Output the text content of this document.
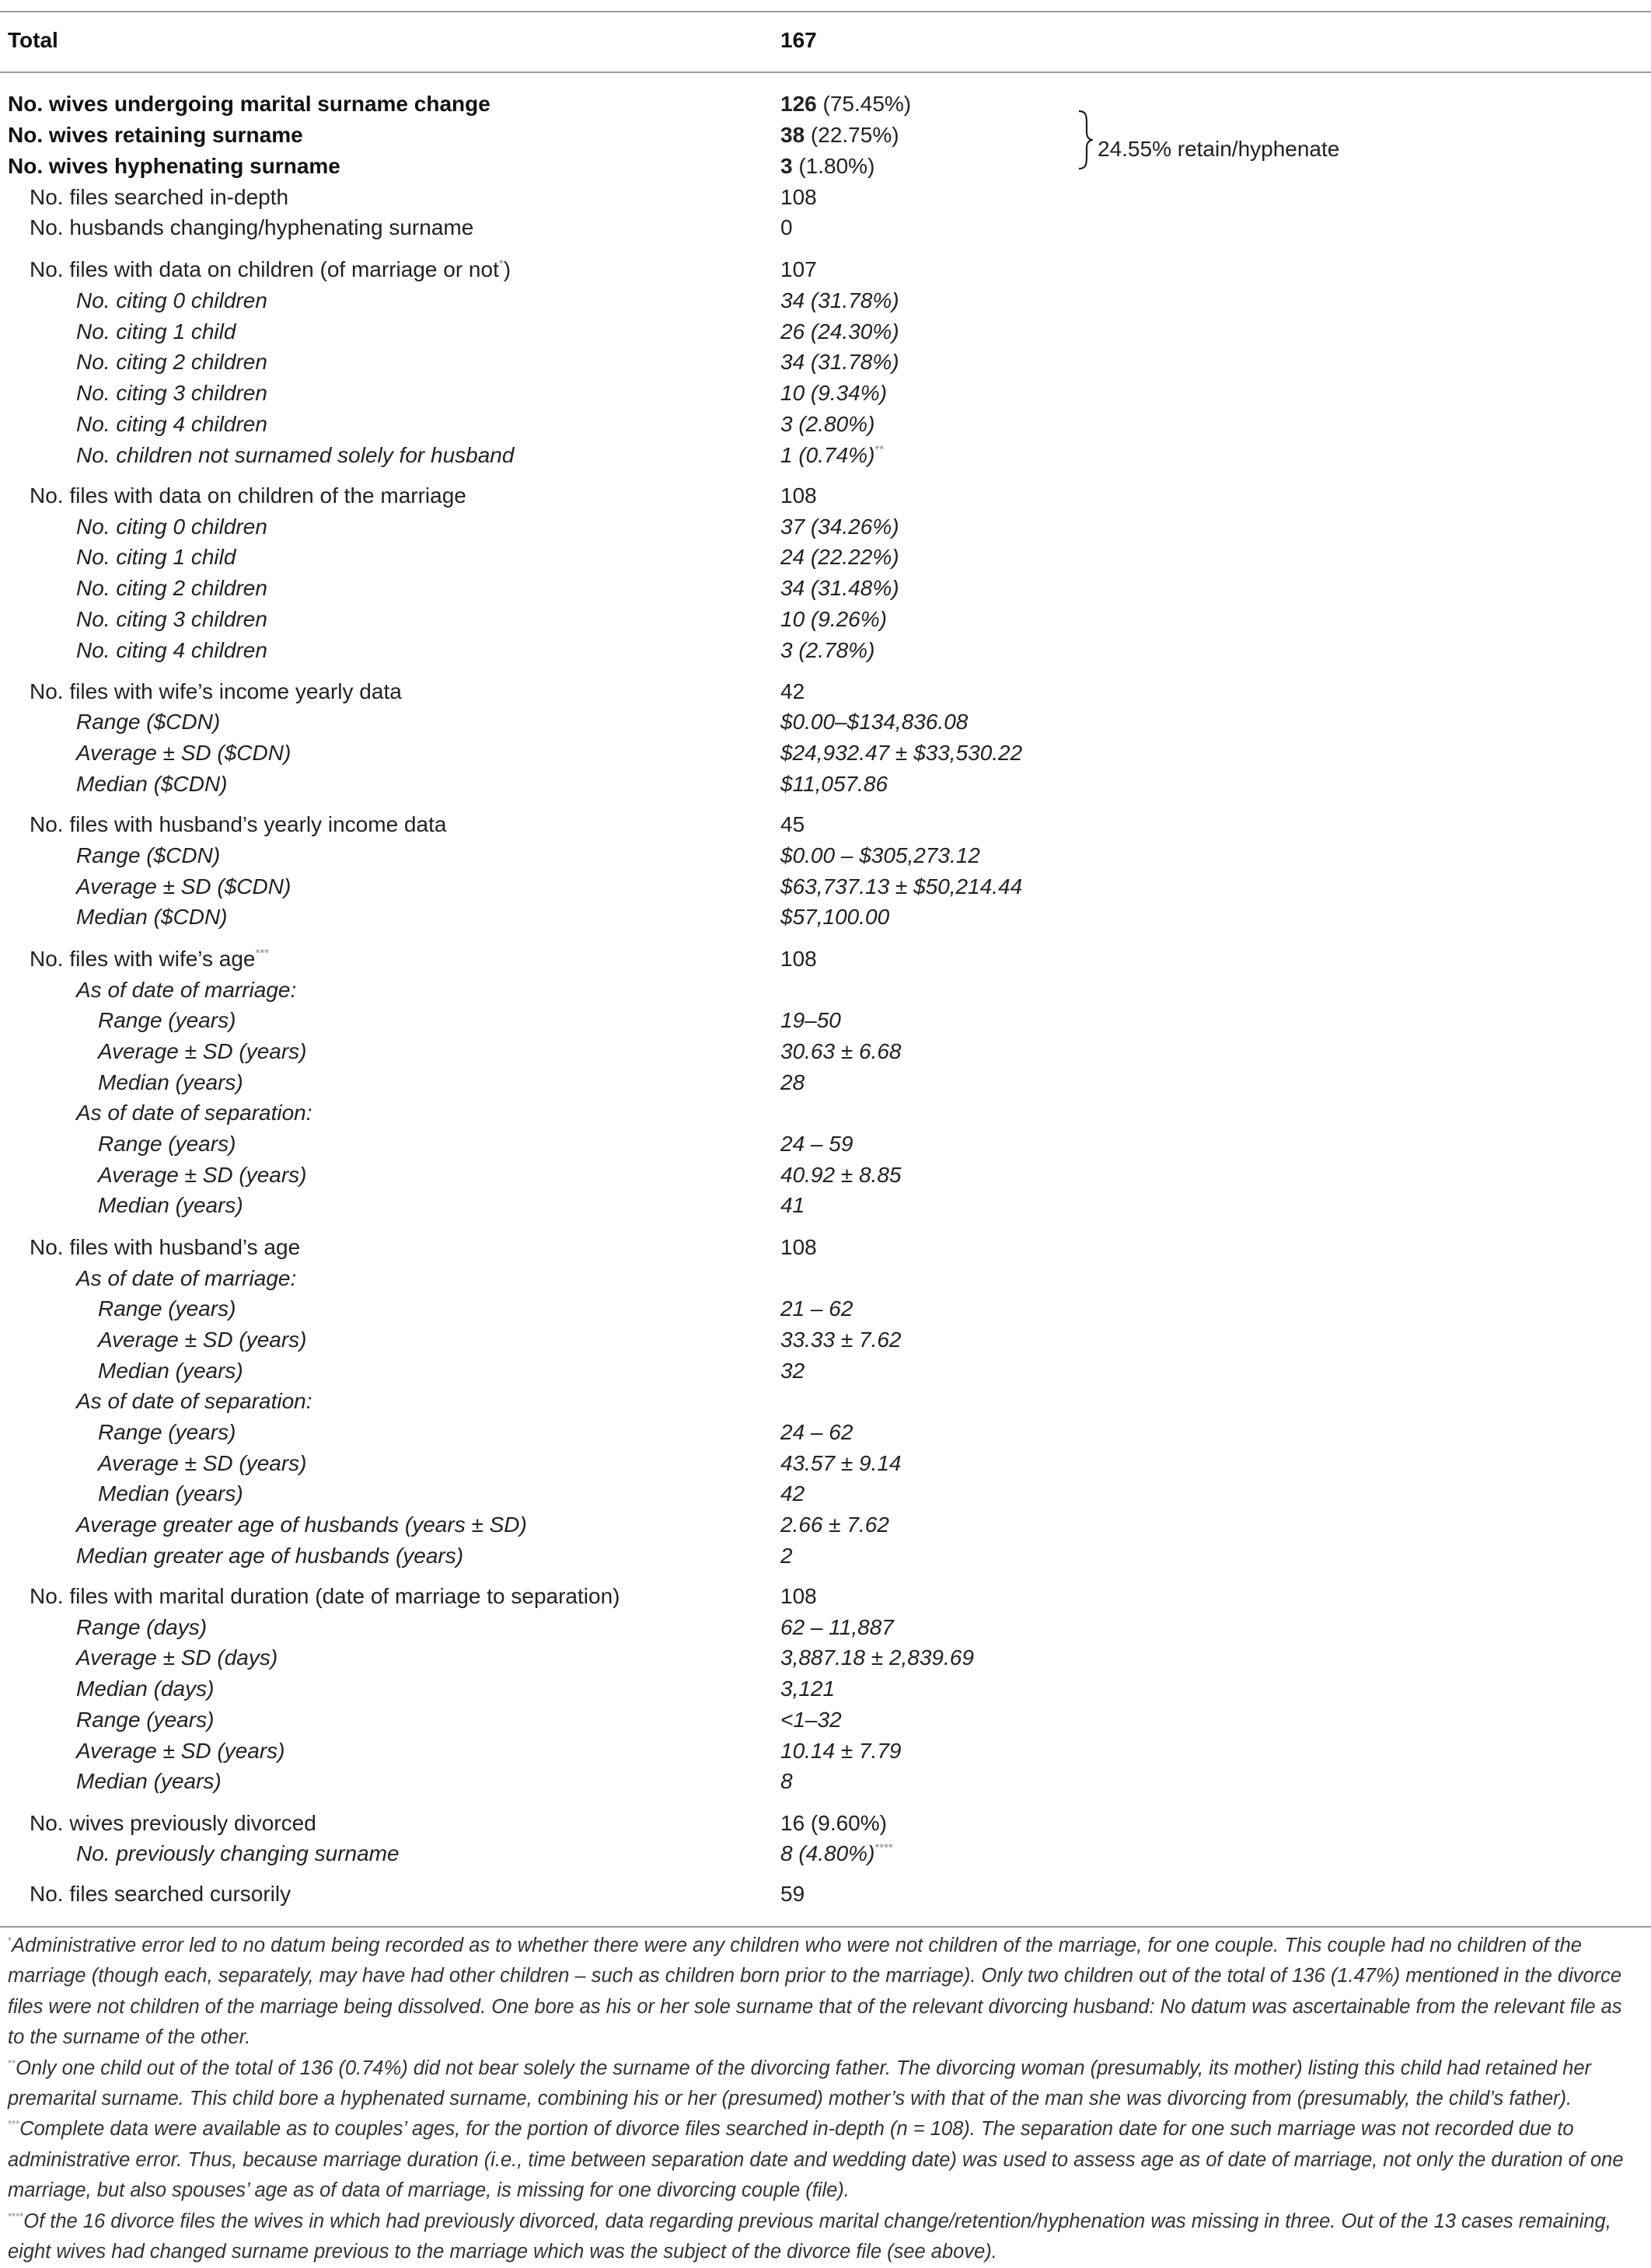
Total	167
No. wives undergoing marital surname change	126 (75.45%)
No. wives retaining surname	38 (22.75%)
No. wives hyphenating surname	3 (1.80%)
24.55% retain/hyphenate
No. files searched in-depth	108
No. husbands changing/hyphenating surname	0
No. files with data on children (of marriage or not*)	107
No. citing 0 children	34 (31.78%)
No. citing 1 child	26 (24.30%)
No. citing 2 children	34 (31.78%)
No. citing 3 children	10 (9.34%)
No. citing 4 children	3 (2.80%)
No. children not surnamed solely for husband	1 (0.74%)**
No. files with data on children of the marriage	108
No. citing 0 children	37 (34.26%)
No. citing 1 child	24 (22.22%)
No. citing 2 children	34 (31.48%)
No. citing 3 children	10 (9.26%)
No. citing 4 children	3 (2.78%)
No. files with wife’s income yearly data	42
Range ($CDN)	$0.00–$134,836.08
Average ± SD ($CDN)	$24,932.47 ± $33,530.22
Median ($CDN)	$11,057.86
No. files with husband’s yearly income data	45
Range ($CDN)	$0.00 – $305,273.12
Average ± SD ($CDN)	$63,737.13 ± $50,214.44
Median ($CDN)	$57,100.00
No. files with wife’s age***	108
As of date of marriage:
Range (years)	19–50
Average ± SD (years)	30.63 ± 6.68
Median (years)	28
As of date of separation:
Range (years)	24 – 59
Average ± SD (years)	40.92 ± 8.85
Median (years)	41
No. files with husband’s age	108
As of date of marriage:
Range (years)	21 – 62
Average ± SD (years)	33.33 ± 7.62
Median (years)	32
As of date of separation:
Range (years)	24 – 62
Average ± SD (years)	43.57 ± 9.14
Median (years)	42
Average greater age of husbands (years ± SD)	2.66 ± 7.62
Median greater age of husbands (years)	2
No. files with marital duration (date of marriage to separation)	108
Range (days)	62 – 11,887
Average ± SD (days)	3,887.18 ± 2,839.69
Median (days)	3,121
Range (years)	<1–32
Average ± SD (years)	10.14 ± 7.79
Median (years)	8
No. wives previously divorced	16 (9.60%)
No. previously changing surname	8 (4.80%)****
No. files searched cursorily	59

*Administrative error led to no datum being recorded as to whether there were any children who were not children of the marriage, for one couple. This couple had no children of the marriage (though each, separately, may have had other children – such as children born prior to the marriage). Only two children out of the total of 136 (1.47%) mentioned in the divorce files were not children of the marriage being dissolved. One bore as his or her sole surname that of the relevant divorcing husband: No datum was ascertainable from the relevant file as to the surname of the other.

**Only one child out of the total of 136 (0.74%) did not bear solely the surname of the divorcing father. The divorcing woman (presumably, its mother) listing this child had retained her premarital surname. This child bore a hyphenated surname, combining his or her (presumed) mother’s with that of the man she was divorcing from (presumably, the child’s father).

***Complete data were available as to couples’ ages, for the portion of divorce files searched in-depth (n = 108). The separation date for one such marriage was not recorded due to administrative error. Thus, because marriage duration (i.e., time between separation date and wedding date) was used to assess age as of date of marriage, not only the duration of one marriage, but also spouses’ age as of data of marriage, is missing for one divorcing couple (file).

****Of the 16 divorce files the wives in which had previously divorced, data regarding previous marital change/retention/hyphenation was missing in three. Out of the 13 cases remaining, eight wives had changed surname previous to the marriage which was the subject of the divorce file (see above).
